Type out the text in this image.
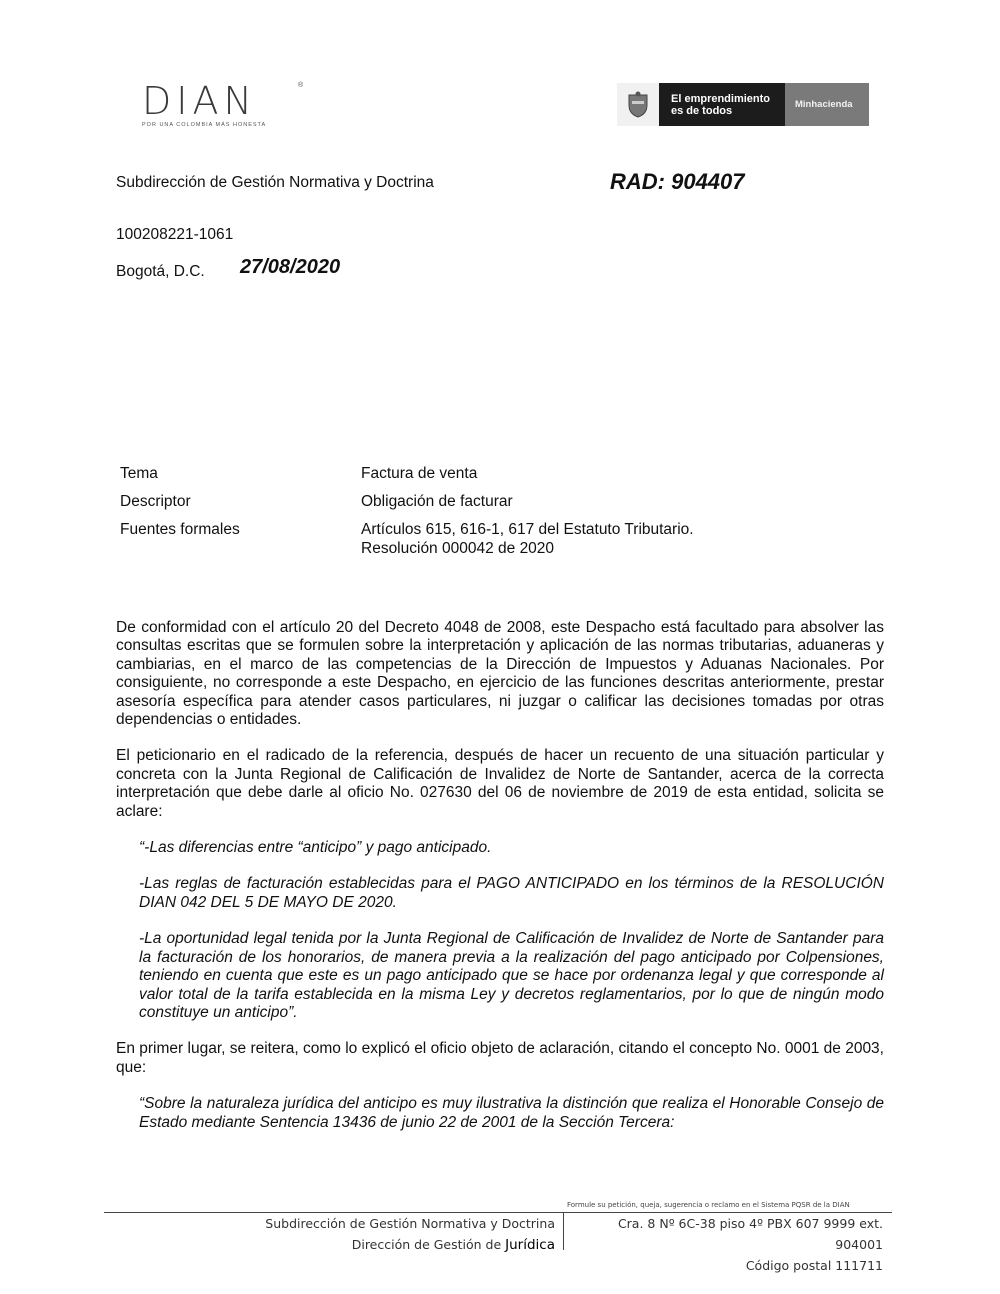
DIAN
POR UNA COLOMBIA MÁS HONESTA
®
El emprendimiento
es de todos
Minhacienda
Subdirección de Gestión Normativa y Doctrina	RAD: 904407
100208221-1061
Bogotá, D.C. 27/08/2020
Tema	Factura de venta
Descriptor	Obligación de facturar
Fuentes formales	Artículos 615, 616-1, 617 del Estatuto Tributario.
Resolución 000042 de 2020

De conformidad con el artículo 20 del Decreto 4048 de 2008, este Despacho está facultado para absolver las consultas escritas que se formulen sobre la interpretación y aplicación de las normas tributarias, aduaneras y cambiarias, en el marco de las competencias de la Dirección de Impuestos y Aduanas Nacionales. Por consiguiente, no corresponde a este Despacho, en ejercicio de las funciones descritas anteriormente, prestar asesoría específica para atender casos particulares, ni juzgar o calificar las decisiones tomadas por otras dependencias o entidades.

El peticionario en el radicado de la referencia, después de hacer un recuento de una situación particular y concreta con la Junta Regional de Calificación de Invalidez de Norte de Santander, acerca de la correcta interpretación que debe darle al oficio No. 027630 del 06 de noviembre de 2019 de esta entidad, solicita se aclare:

“-Las diferencias entre “anticipo” y pago anticipado.

-Las reglas de facturación establecidas para el PAGO ANTICIPADO en los términos de la RESOLUCIÓN DIAN 042 DEL 5 DE MAYO DE 2020.

-La oportunidad legal tenida por la Junta Regional de Calificación de Invalidez de Norte de Santander para la facturación de los honorarios, de manera previa a la realización del pago anticipado por Colpensiones, teniendo en cuenta que este es un pago anticipado que se hace por ordenanza legal y que corresponde al valor total de la tarifa establecida en la misma Ley y decretos reglamentarios, por lo que de ningún modo constituye un anticipo”.

En primer lugar, se reitera, como lo explicó el oficio objeto de aclaración, citando el concepto No. 0001 de 2003, que:

“Sobre la naturaleza jurídica del anticipo es muy ilustrativa la distinción que realiza el Honorable Consejo de Estado mediante Sentencia 13436 de junio 22 de 2001 de la Sección Tercera:

Formule su petición, queja, sugerencia o reclamo en el Sistema PQSR de la DIAN
Subdirección de Gestión Normativa y Doctrina
Dirección de Gestión de Jurídica
Cra. 8 Nº 6C-38 piso 4º PBX 607 9999 ext. 904001
Código postal 111711
